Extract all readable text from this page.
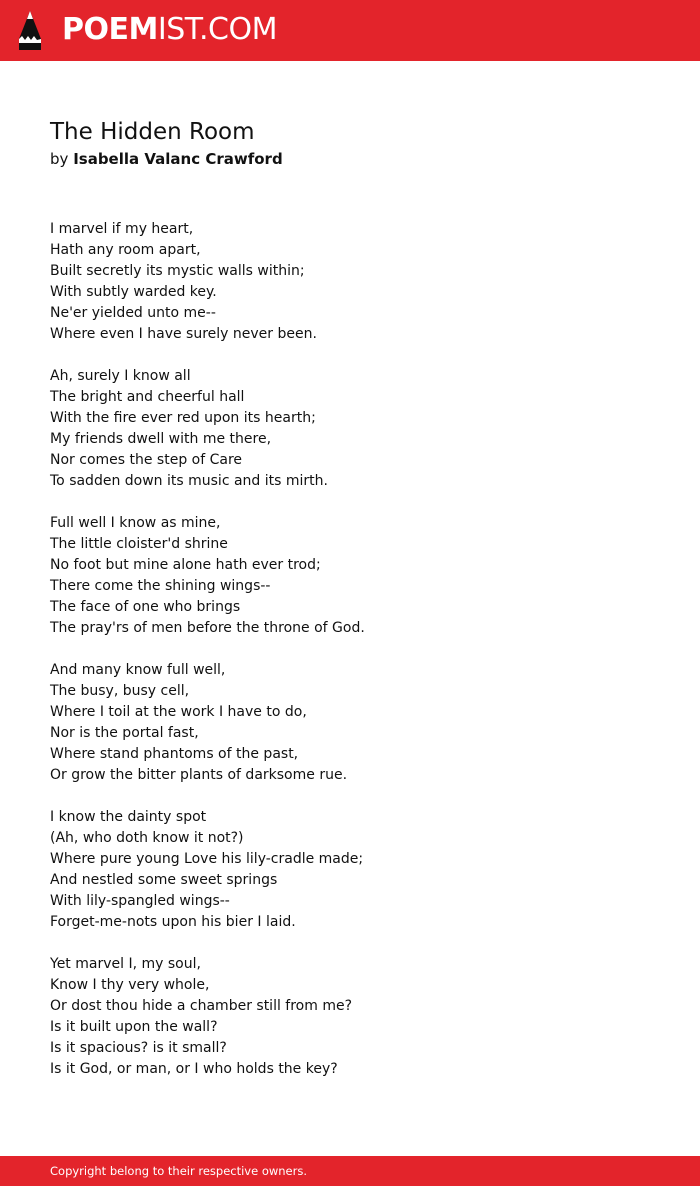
POEMIST.COM
The Hidden Room
by Isabella Valanc Crawford
I marvel if my heart,
Hath any room apart,
Built secretly its mystic walls within;
With subtly warded key.
Ne'er yielded unto me--
Where even I have surely never been.
Ah, surely I know all
The bright and cheerful hall
With the fire ever red upon its hearth;
My friends dwell with me there,
Nor comes the step of Care
To sadden down its music and its mirth.
Full well I know as mine,
The little cloister'd shrine
No foot but mine alone hath ever trod;
There come the shining wings--
The face of one who brings
The pray'rs of men before the throne of God.
And many know full well,
The busy, busy cell,
Where I toil at the work I have to do,
Nor is the portal fast,
Where stand phantoms of the past,
Or grow the bitter plants of darksome rue.
I know the dainty spot
(Ah, who doth know it not?)
Where pure young Love his lily-cradle made;
And nestled some sweet springs
With lily-spangled wings--
Forget-me-nots upon his bier I laid.
Yet marvel I, my soul,
Know I thy very whole,
Or dost thou hide a chamber still from me?
Is it built upon the wall?
Is it spacious? is it small?
Is it God, or man, or I who holds the key?
Copyright belong to their respective owners.
